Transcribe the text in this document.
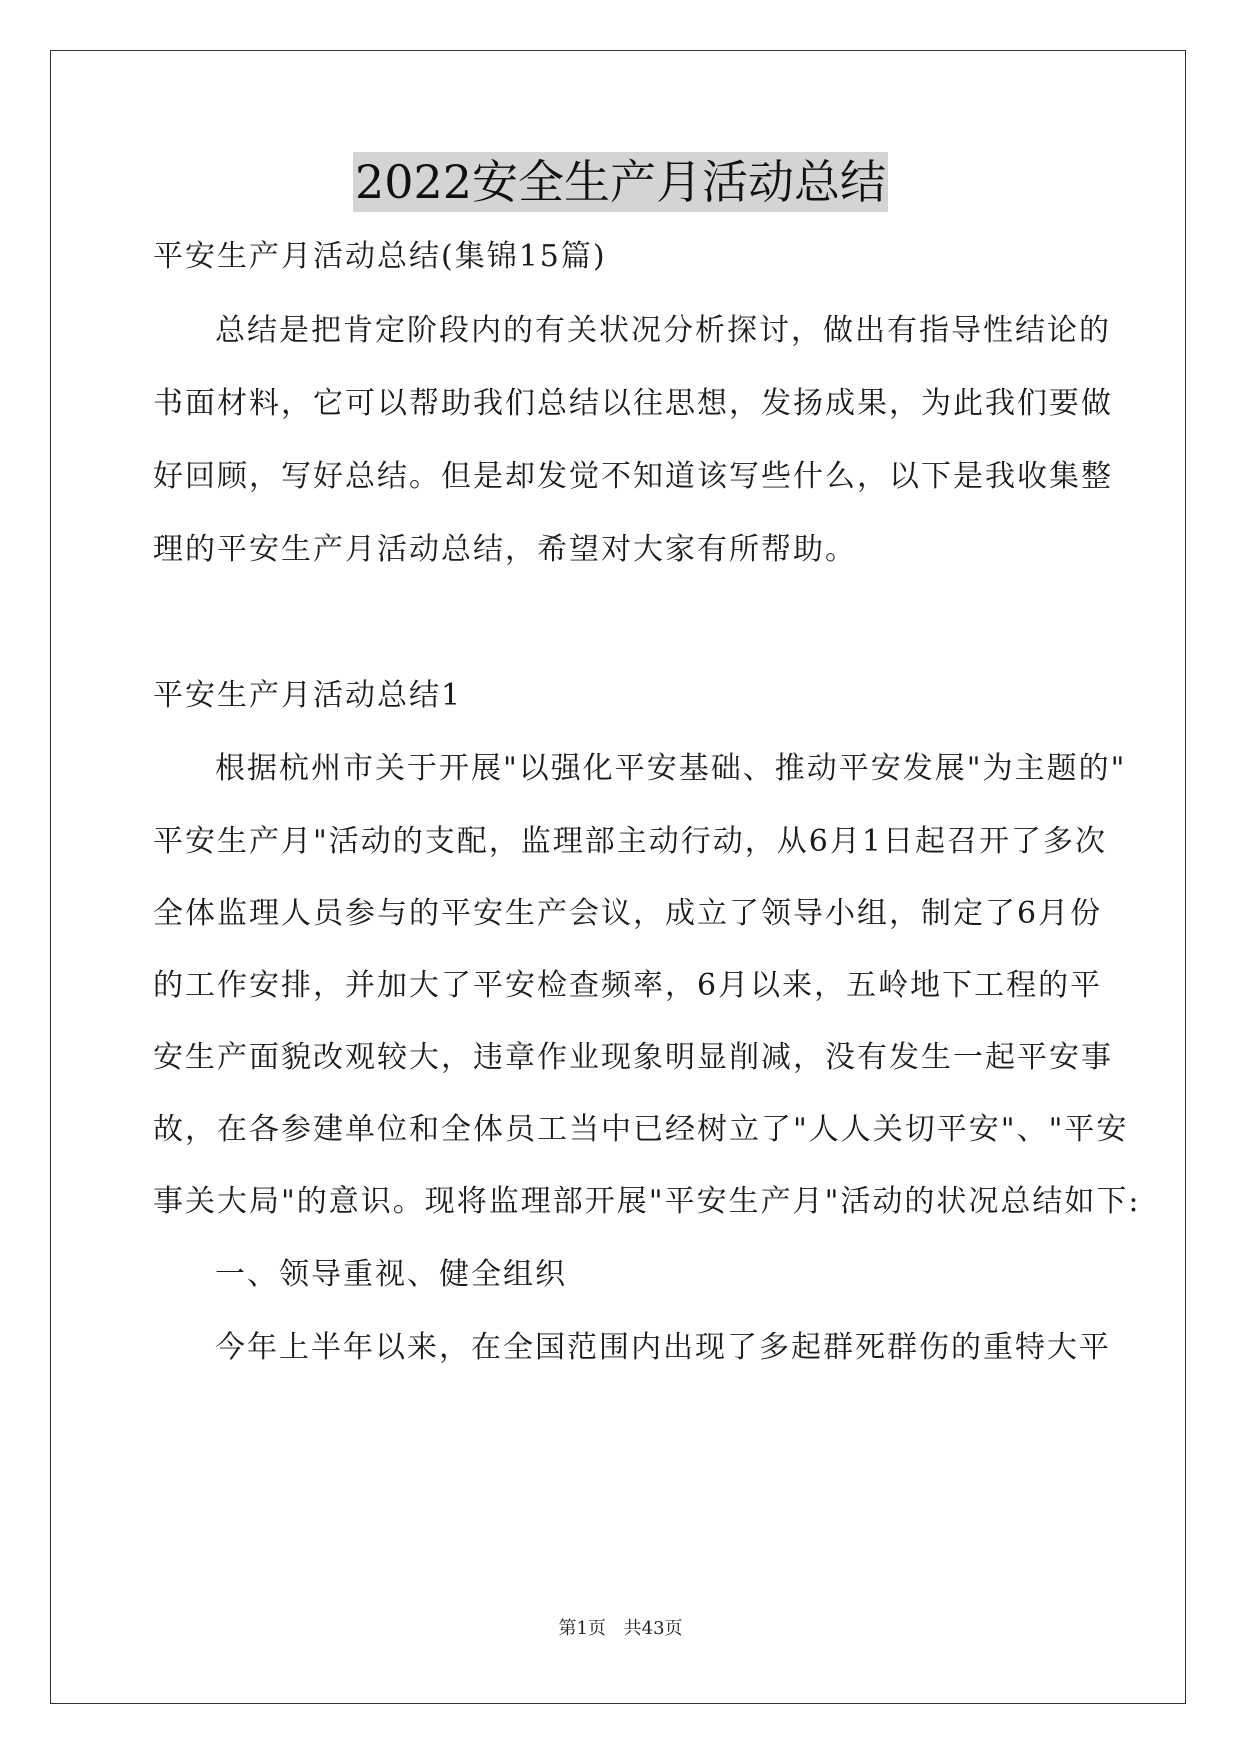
2022安全生产月活动总结
平安生产月活动总结(集锦15篇)
总结是把肯定阶段内的有关状况分析探讨，做出有指导性结论的
书面材料，它可以帮助我们总结以往思想，发扬成果，为此我们要做
好回顾，写好总结。但是却发觉不知道该写些什么，以下是我收集整
理的平安生产月活动总结，希望对大家有所帮助。
平安生产月活动总结1
根据杭州市关于开展"以强化平安基础、推动平安发展"为主题的"
平安生产月"活动的支配，监理部主动行动，从6月1日起召开了多次
全体监理人员参与的平安生产会议，成立了领导小组，制定了6月份
的工作安排，并加大了平安检查频率，6月以来，五岭地下工程的平
安生产面貌改观较大，违章作业现象明显削减，没有发生一起平安事
故，在各参建单位和全体员工当中已经树立了"人人关切平安"、"平安
事关大局"的意识。现将监理部开展"平安生产月"活动的状况总结如下:
一、领导重视、健全组织
今年上半年以来，在全国范围内出现了多起群死群伤的重特大平
第1页 共43页
